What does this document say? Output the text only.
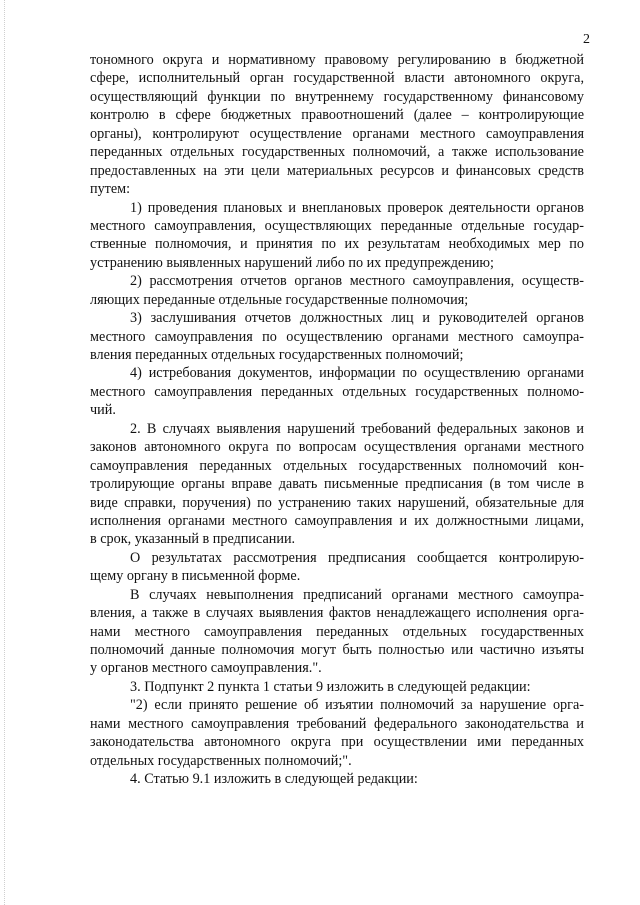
2
тономного округа и нормативному правовому регулированию в бюджетной
сфере, исполнительный орган государственной власти автономного округа,
осуществляющий функции по внутреннему государственному финансовому
контролю в сфере бюджетных правоотношений (далее – контролирующие
органы), контролируют осуществление органами местного самоуправления
переданных отдельных государственных полномочий, а также использование
предоставленных на эти цели материальных ресурсов и финансовых средств
путем:
1) проведения плановых и внеплановых проверок деятельности органов
местного самоуправления, осуществляющих переданные отдельные государ-
ственные полномочия, и принятия по их результатам необходимых мер по
устранению выявленных нарушений либо по их предупреждению;
2) рассмотрения отчетов органов местного самоуправления, осуществ-
ляющих переданные отдельные государственные полномочия;
3) заслушивания отчетов должностных лиц и руководителей органов
местного самоуправления по осуществлению органами местного самоупра-
вления переданных отдельных государственных полномочий;
4) истребования документов, информации по осуществлению органами
местного самоуправления переданных отдельных государственных полномо-
чий.
2. В случаях выявления нарушений требований федеральных законов и
законов автономного округа по вопросам осуществления органами местного
самоуправления переданных отдельных государственных полномочий кон-
тролирующие органы вправе давать письменные предписания (в том числе в
виде справки, поручения) по устранению таких нарушений, обязательные для
исполнения органами местного самоуправления и их должностными лицами,
в срок, указанный в предписании.
О результатах рассмотрения предписания сообщается контролирую-
щему органу в письменной форме.
В случаях невыполнения предписаний органами местного самоупра-
вления, а также в случаях выявления фактов ненадлежащего исполнения орга-
нами местного самоуправления переданных отдельных государственных
полномочий данные полномочия могут быть полностью или частично изъяты
у органов местного самоуправления.".
3. Подпункт 2 пункта 1 статьи 9 изложить в следующей редакции:
"2) если принято решение об изъятии полномочий за нарушение орга-
нами местного самоуправления требований федерального законодательства и
законодательства автономного округа при осуществлении ими переданных
отдельных государственных полномочий;".
4. Статью 9.1 изложить в следующей редакции:
